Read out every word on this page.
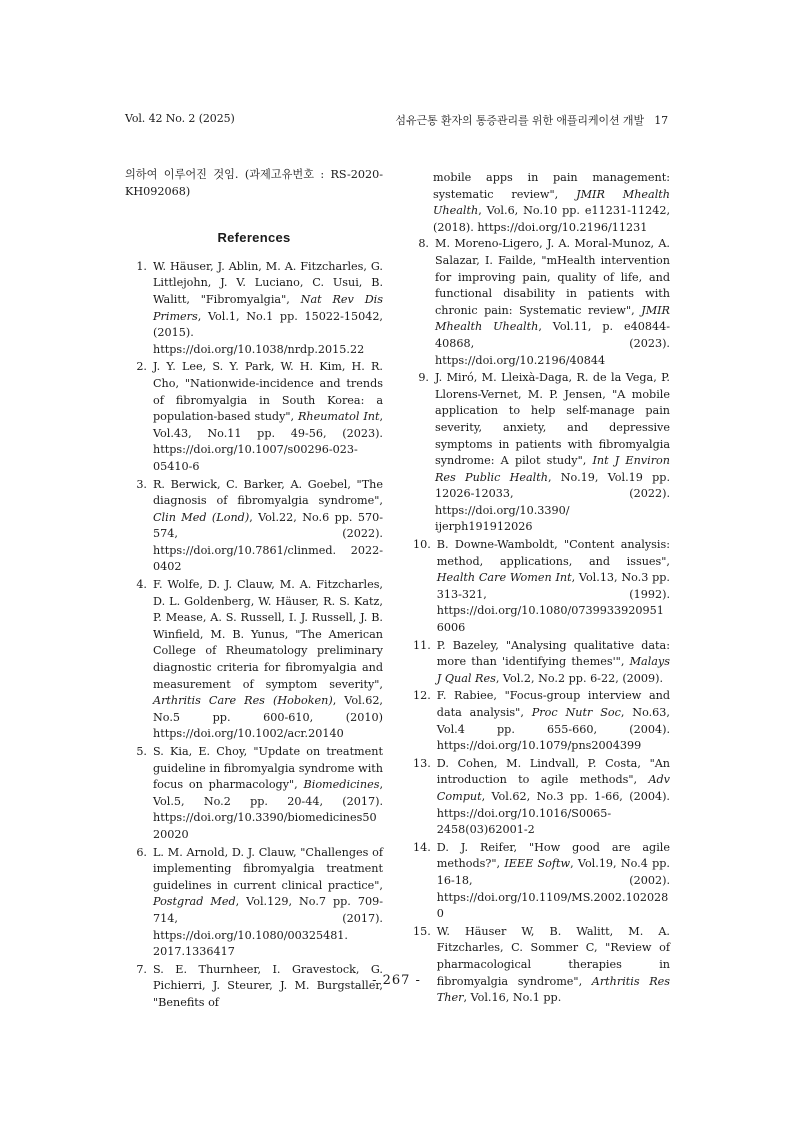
Vol. 42 No. 2 (2025)	섬유근통 환자의 통증관리를 위한 애플리케이션 개발 17

의하여 이루어진 것임. (과제고유번호 : RS-2020-KH092068)

References
1. W. Häuser, J. Ablin, M. A. Fitzcharles, G. Littlejohn, J. V. Luciano, C. Usui, B. Walitt, "Fibromyalgia", Nat Rev Dis Primers, Vol.1, No.1 pp. 15022-15042, (2015). https://doi.org/10.1038/nrdp.2015.22
2. J. Y. Lee, S. Y. Park, W. H. Kim, H. R. Cho, "Nationwide-incidence and trends of fibromyalgia in South Korea: a population-based study", Rheumatol Int, Vol.43, No.11 pp. 49-56, (2023). https://doi.org/10.1007/s00296-023-05410-6
3. R. Berwick, C. Barker, A. Goebel, "The diagnosis of fibromyalgia syndrome", Clin Med (Lond), Vol.22, No.6 pp. 570-574, (2022). https://doi.org/10.7861/clinmed. 2022- 0402
4. F. Wolfe, D. J. Clauw, M. A. Fitzcharles, D. L. Goldenberg, W. Häuser, R. S. Katz, P. Mease, A. S. Russell, I. J. Russell, J. B. Winfield, M. B. Yunus, "The American College of Rheumatology preliminary diagnostic criteria for fibromyalgia and measurement of symptom severity", Arthritis Care Res (Hoboken), Vol.62, No.5 pp. 600-610, (2010) https://doi.org/10.1002/acr.20140
5. S. Kia, E. Choy, "Update on treatment guideline in fibromyalgia syndrome with focus on pharmacology", Biomedicines, Vol.5, No.2 pp. 20-44, (2017). https://doi.org/10.3390/biomedicines5020020
6. L. M. Arnold, D. J. Clauw, "Challenges of implementing fibromyalgia treatment guidelines in current clinical practice", Postgrad Med, Vol.129, No.7 pp. 709-714, (2017). https://doi.org/10.1080/00325481. 2017.1336417
7. S. E. Thurnheer, I. Gravestock, G. Pichierri, J. Steurer, J. M. Burgstaller, "Benefits of
mobile apps in pain management: systematic review", JMIR Mhealth Uhealth, Vol.6, No.10 pp. e11231-11242, (2018). https://doi.org/10.2196/11231
8. M. Moreno-Ligero, J. A. Moral-Munoz, A. Salazar, I. Failde, "mHealth intervention for improving pain, quality of life, and functional disability in patients with chronic pain: Systematic review", JMIR Mhealth Uhealth, Vol.11, p. e40844-40868, (2023). https://doi.org/10.2196/40844
9. J. Miró, M. Lleixà-Daga, R. de la Vega, P. Llorens-Vernet, M. P. Jensen, "A mobile application to help self-manage pain severity, anxiety, and depressive symptoms in patients with fibromyalgia syndrome: A pilot study", Int J Environ Res Public Health, No.19, Vol.19 pp. 12026-12033, (2022). https://doi.org/10.3390/ ijerph191912026
10. B. Downe-Wamboldt, "Content analysis: method, applications, and issues", Health Care Women Int, Vol.13, No.3 pp. 313-321, (1992). https://doi.org/10.1080/07399339209516006
11. P. Bazeley, "Analysing qualitative data: more than 'identifying themes'", Malays J Qual Res, Vol.2, No.2 pp. 6-22, (2009).
12. F. Rabiee, "Focus-group interview and data analysis", Proc Nutr Soc, No.63, Vol.4 pp. 655-660, (2004). https://doi.org/10.1079/pns2004399
13. D. Cohen, M. Lindvall, P. Costa, "An introduction to agile methods", Adv Comput, Vol.62, No.3 pp. 1-66, (2004). https://doi.org/10.1016/S0065-2458(03)62001-2
14. D. J. Reifer, "How good are agile methods?", IEEE Softw, Vol.19, No.4 pp. 16-18, (2002). https://doi.org/10.1109/MS.2002.1020280
15. W. Häuser W, B. Walitt, M. A. Fitzcharles, C. Sommer C, "Review of pharmacological therapies in fibromyalgia syndrome", Arthritis Res Ther, Vol.16, No.1 pp.
- 267 -
